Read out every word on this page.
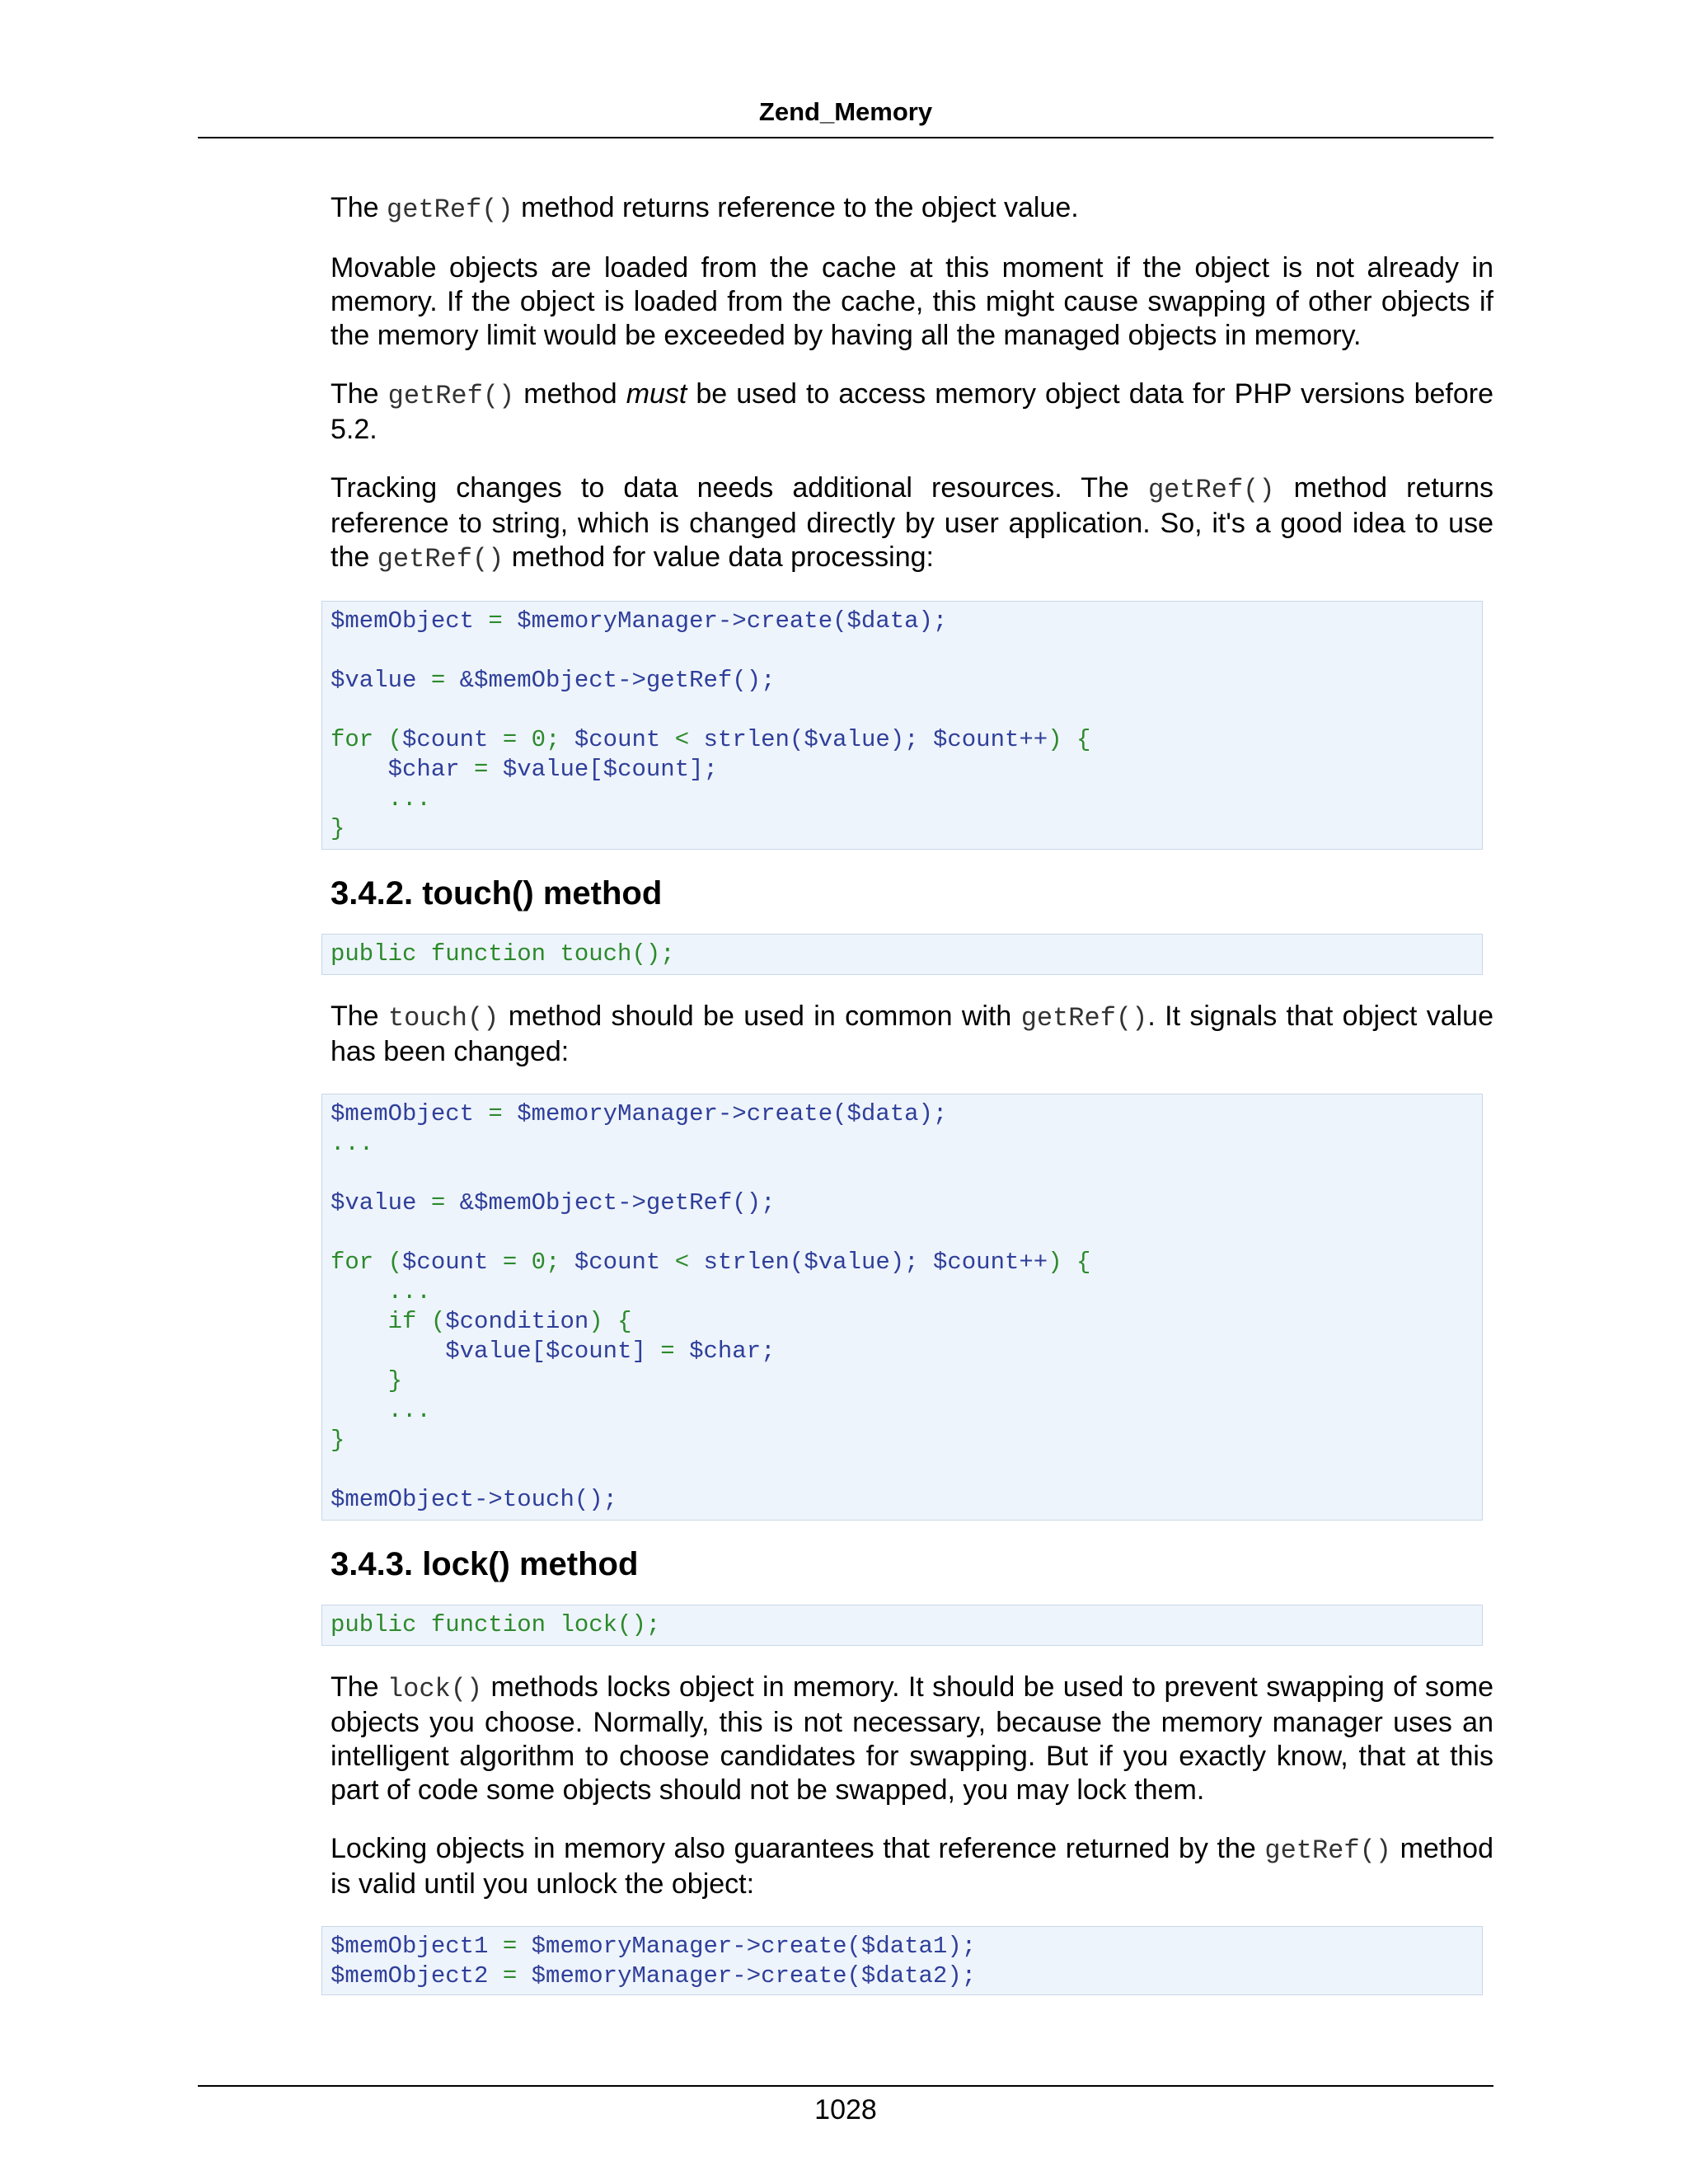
Zend_Memory

The getRef() method returns reference to the object value.

Movable objects are loaded from the cache at this moment if the object is not already in memory. If the object is loaded from the cache, this might cause swapping of other objects if the memory limit would be exceeded by having all the managed objects in memory.

The getRef() method must be used to access memory object data for PHP versions before 5.2.

Tracking changes to data needs additional resources. The getRef() method returns reference to string, which is changed directly by user application. So, it's a good idea to use the getRef() method for value data processing:

$memObject = $memoryManager->create($data);
$value = &$memObject->getRef();
for ($count = 0; $count < strlen($value); $count++) {
$char = $value[$count];
...
}
3.4.2. touch() method
public function touch();

The touch() method should be used in common with getRef(). It signals that object value has been changed:

$memObject = $memoryManager->create($data);
...
$value = &$memObject->getRef();
for ($count = 0; $count < strlen($value); $count++) {
...
if ($condition) {
$value[$count] = $char;
}
...
}
$memObject->touch();
3.4.3. lock() method
public function lock();

The lock() methods locks object in memory. It should be used to prevent swapping of some objects you choose. Normally, this is not necessary, because the memory manager uses an intelligent algorithm to choose candidates for swapping. But if you exactly know, that at this part of code some objects should not be swapped, you may lock them.

Locking objects in memory also guarantees that reference returned by the getRef() method is valid until you unlock the object:

$memObject1 = $memoryManager->create($data1);
$memObject2 = $memoryManager->create($data2);
1028
